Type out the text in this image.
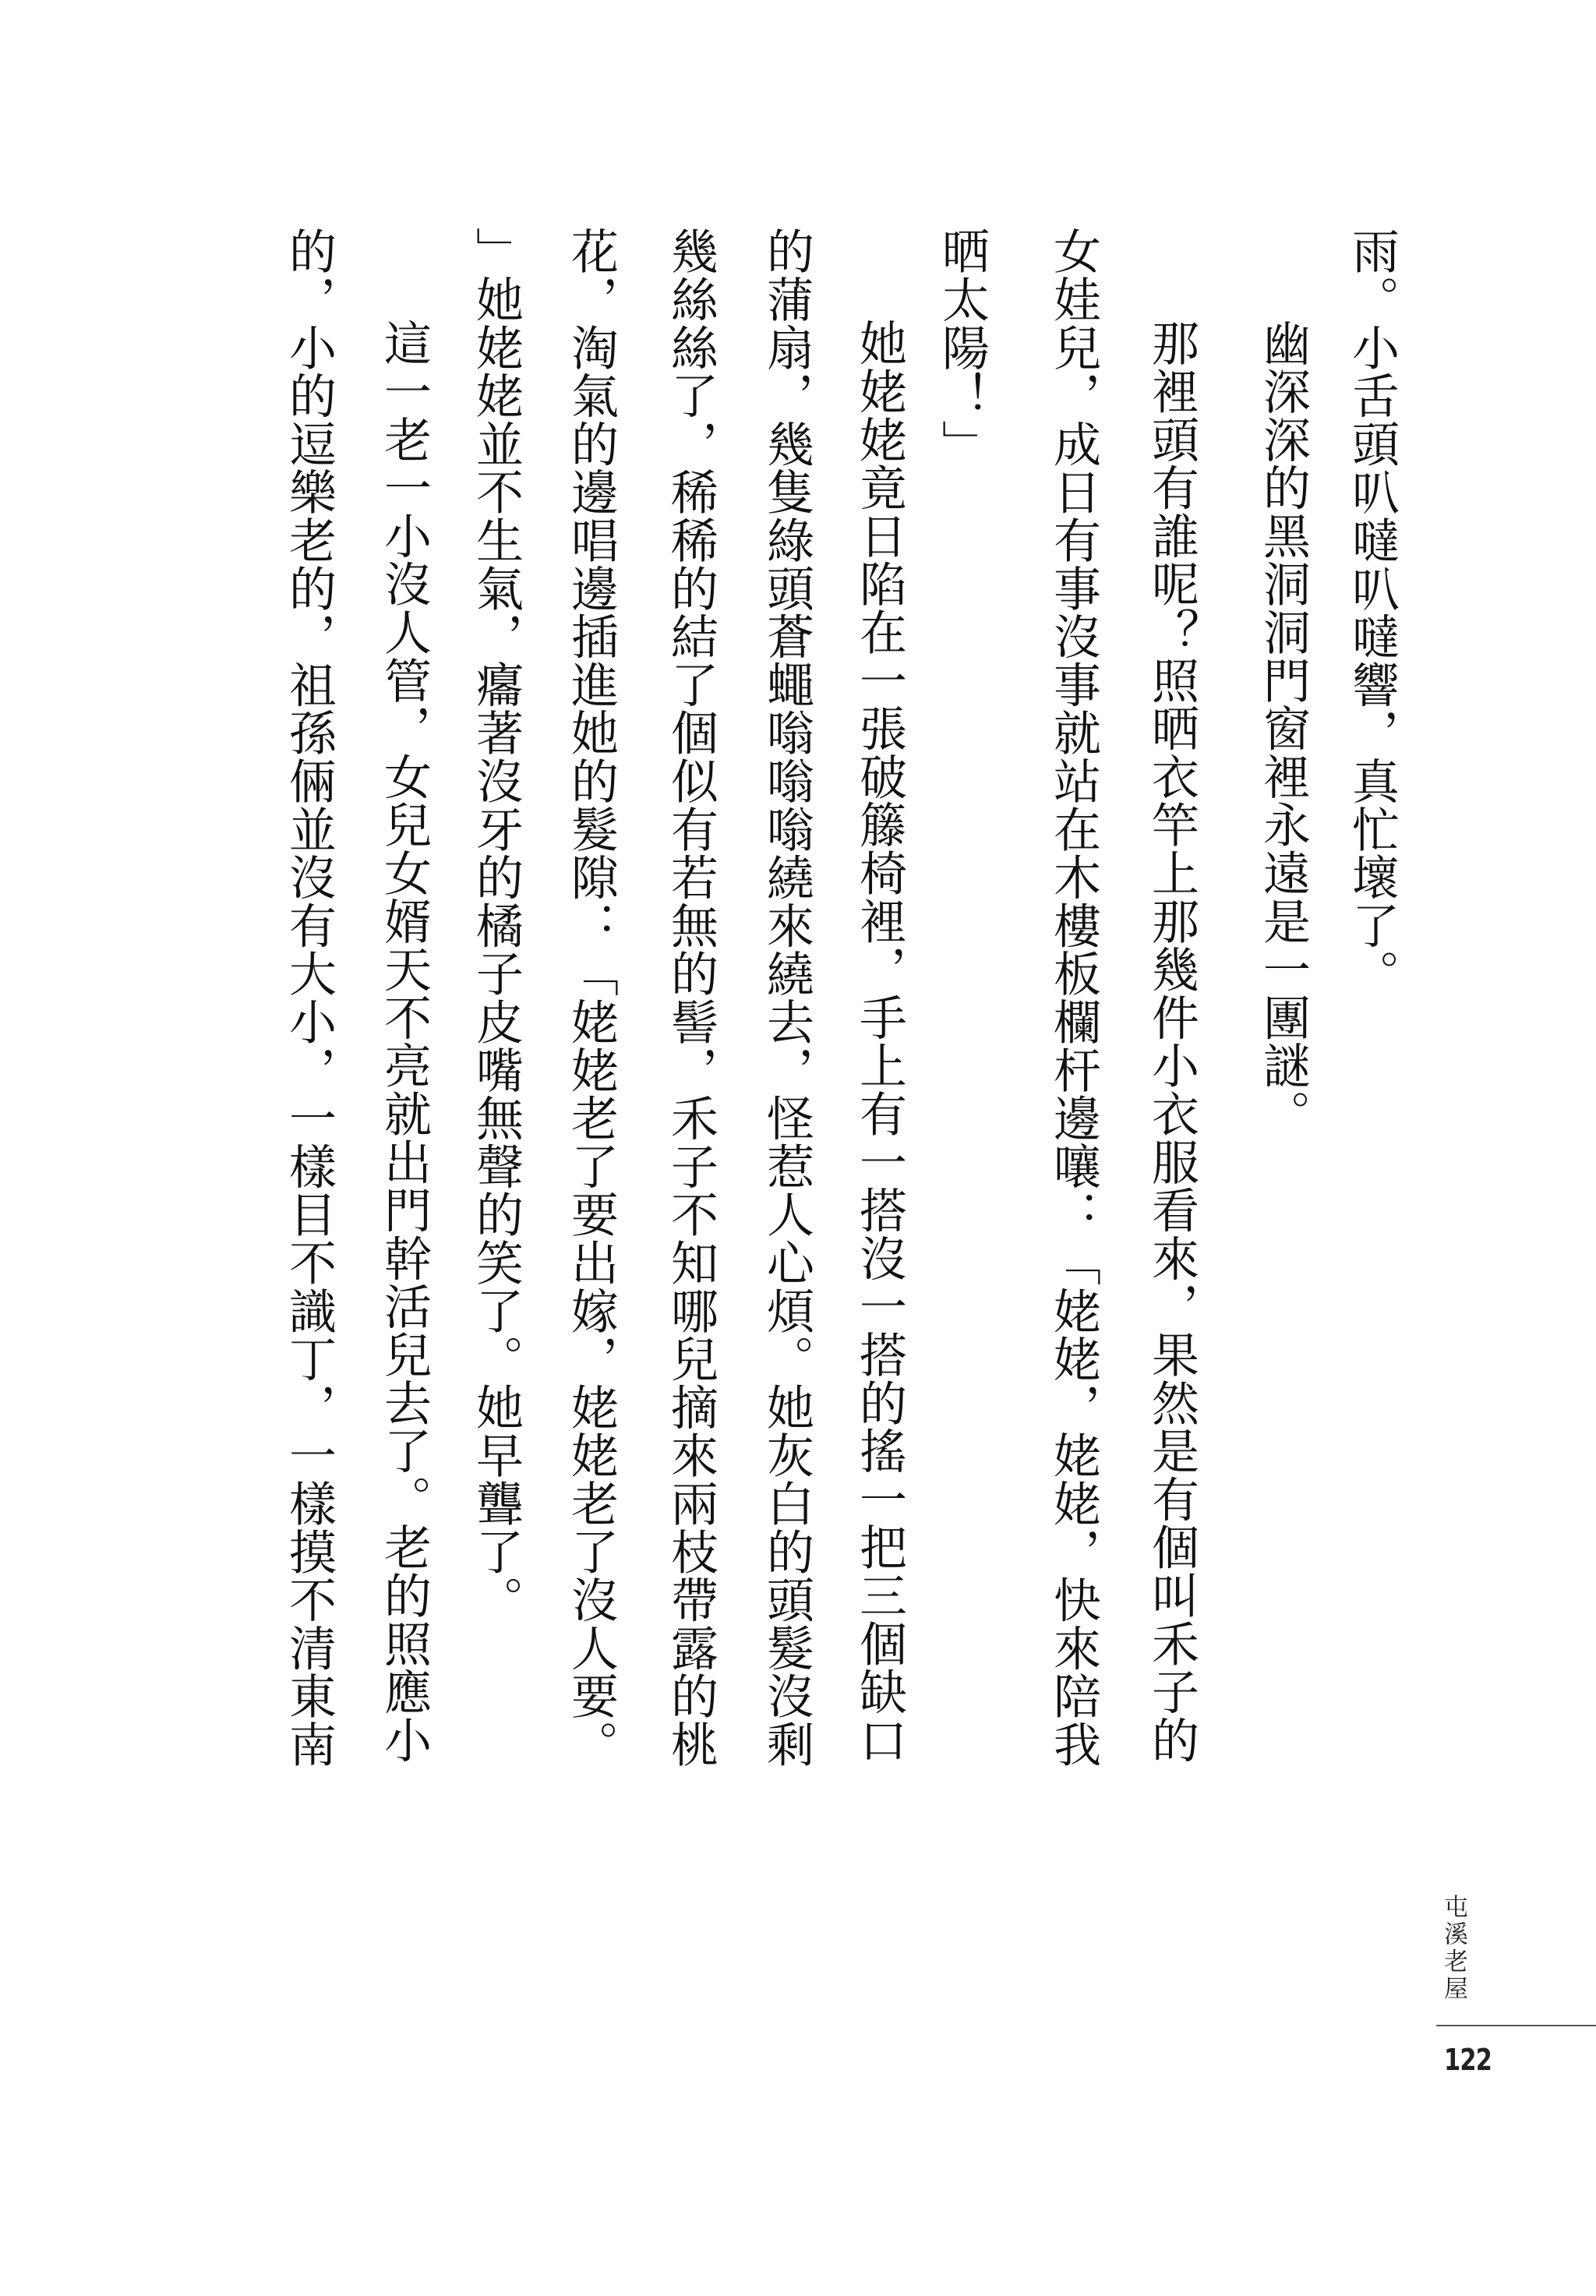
雨。小舌頭叭噠叭噠響，真忙壞了。
幽深深的黑洞洞門窗裡永遠是一團謎。
那裡頭有誰呢？照晒衣竿上那幾件小衣服看來，果然是有個叫禾子的
女娃兒，成日有事沒事就站在木樓板欄杆邊嚷：「姥姥，姥姥，快來陪我
晒太陽！」
她姥姥竟日陷在一張破籐椅裡，手上有一搭沒一搭的搖一把三個缺口
的蒲扇，幾隻綠頭蒼蠅嗡嗡嗡繞來繞去，怪惹人心煩。她灰白的頭髮沒剩
幾絲絲了，稀稀的結了個似有若無的髻，禾子不知哪兒摘來兩枝帶露的桃
花，淘氣的邊唱邊插進她的髮隙：「姥姥老了要出嫁，姥姥老了沒人要。
」她姥姥並不生氣，癟著沒牙的橘子皮嘴無聲的笑了。她早聾了。
這一老一小沒人管，女兒女婿天不亮就出門幹活兒去了。老的照應小
的，小的逗樂老的，祖孫倆並沒有大小，一樣目不識丁，一樣摸不清東南
屯溪老屋
122
